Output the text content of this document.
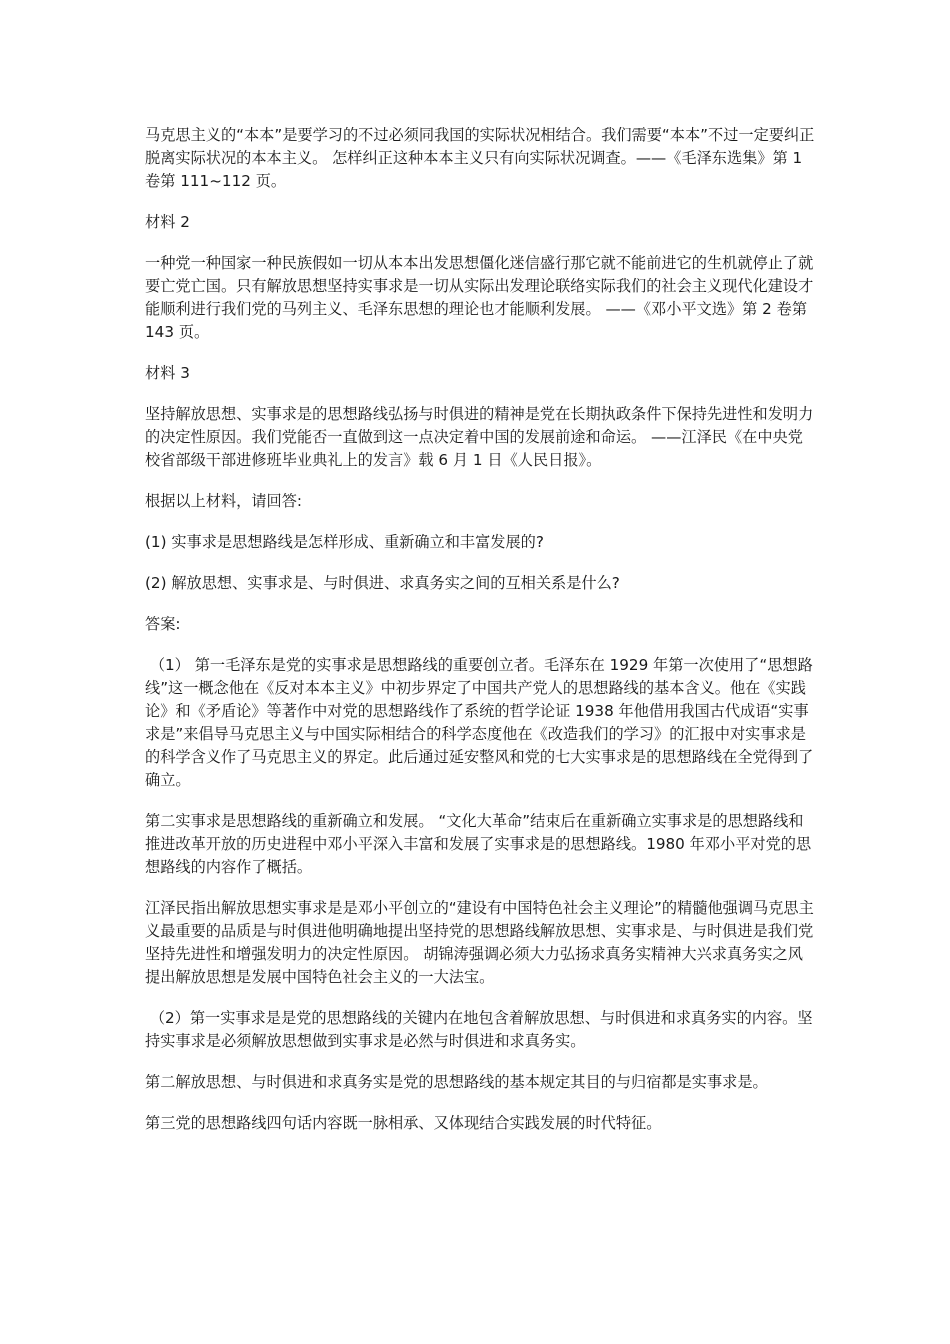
马克思主义的“本本”是要学习的不过必须同我国的实际状况相结合。我们需要“本本”不过一定要纠正脱离实际状况的本本主义。 怎样纠正这种本本主义只有向实际状况调查。——《毛泽东选集》第 1 卷第 111~112 页。

材料 2

一种党一种国家一种民族假如一切从本本出发思想僵化迷信盛行那它就不能前进它的生机就停止了就要亡党亡国。只有解放思想坚持实事求是一切从实际出发理论联络实际我们的社会主义现代化建设才能顺利进行我们党的马列主义、毛泽东思想的理论也才能顺利发展。 ——《邓小平文选》第 2 卷第 143 页。

材料 3

坚持解放思想、实事求是的思想路线弘扬与时俱进的精神是党在长期执政条件下保持先进性和发明力的决定性原因。我们党能否一直做到这一点决定着中国的发展前途和命运。 ——江泽民《在中央党校省部级干部进修班毕业典礼上的发言》载 6 月 1 日《人民日报》。

根据以上材料，请回答:

(1) 实事求是思想路线是怎样形成、重新确立和丰富发展的?

(2) 解放思想、实事求是、与时俱进、求真务实之间的互相关系是什么?

答案:

（1） 第一毛泽东是党的实事求是思想路线的重要创立者。毛泽东在 1929 年第一次使用了“思想路线”这一概念他在《反对本本主义》中初步界定了中国共产党人的思想路线的基本含义。他在《实践论》和《矛盾论》等著作中对党的思想路线作了系统的哲学论证 1938 年他借用我国古代成语“实事求是”来倡导马克思主义与中国实际相结合的科学态度他在《改造我们的学习》的汇报中对实事求是的科学含义作了马克思主义的界定。此后通过延安整风和党的七大实事求是的思想路线在全党得到了确立。

第二实事求是思想路线的重新确立和发展。 “文化大革命”结束后在重新确立实事求是的思想路线和推进改革开放的历史进程中邓小平深入丰富和发展了实事求是的思想路线。1980 年邓小平对党的思想路线的内容作了概括。

江泽民指出解放思想实事求是是邓小平创立的“建设有中国特色社会主义理论”的精髓他强调马克思主义最重要的品质是与时俱进他明确地提出坚持党的思想路线解放思想、实事求是、与时俱进是我们党坚持先进性和增强发明力的决定性原因。 胡锦涛强调必须大力弘扬求真务实精神大兴求真务实之风提出解放思想是发展中国特色社会主义的一大法宝。

（2）第一实事求是是党的思想路线的关键内在地包含着解放思想、与时俱进和求真务实的内容。坚持实事求是必须解放思想做到实事求是必然与时俱进和求真务实。

第二解放思想、与时俱进和求真务实是党的思想路线的基本规定其目的与归宿都是实事求是。

第三党的思想路线四句话内容既一脉相承、又体现结合实践发展的时代特征。
